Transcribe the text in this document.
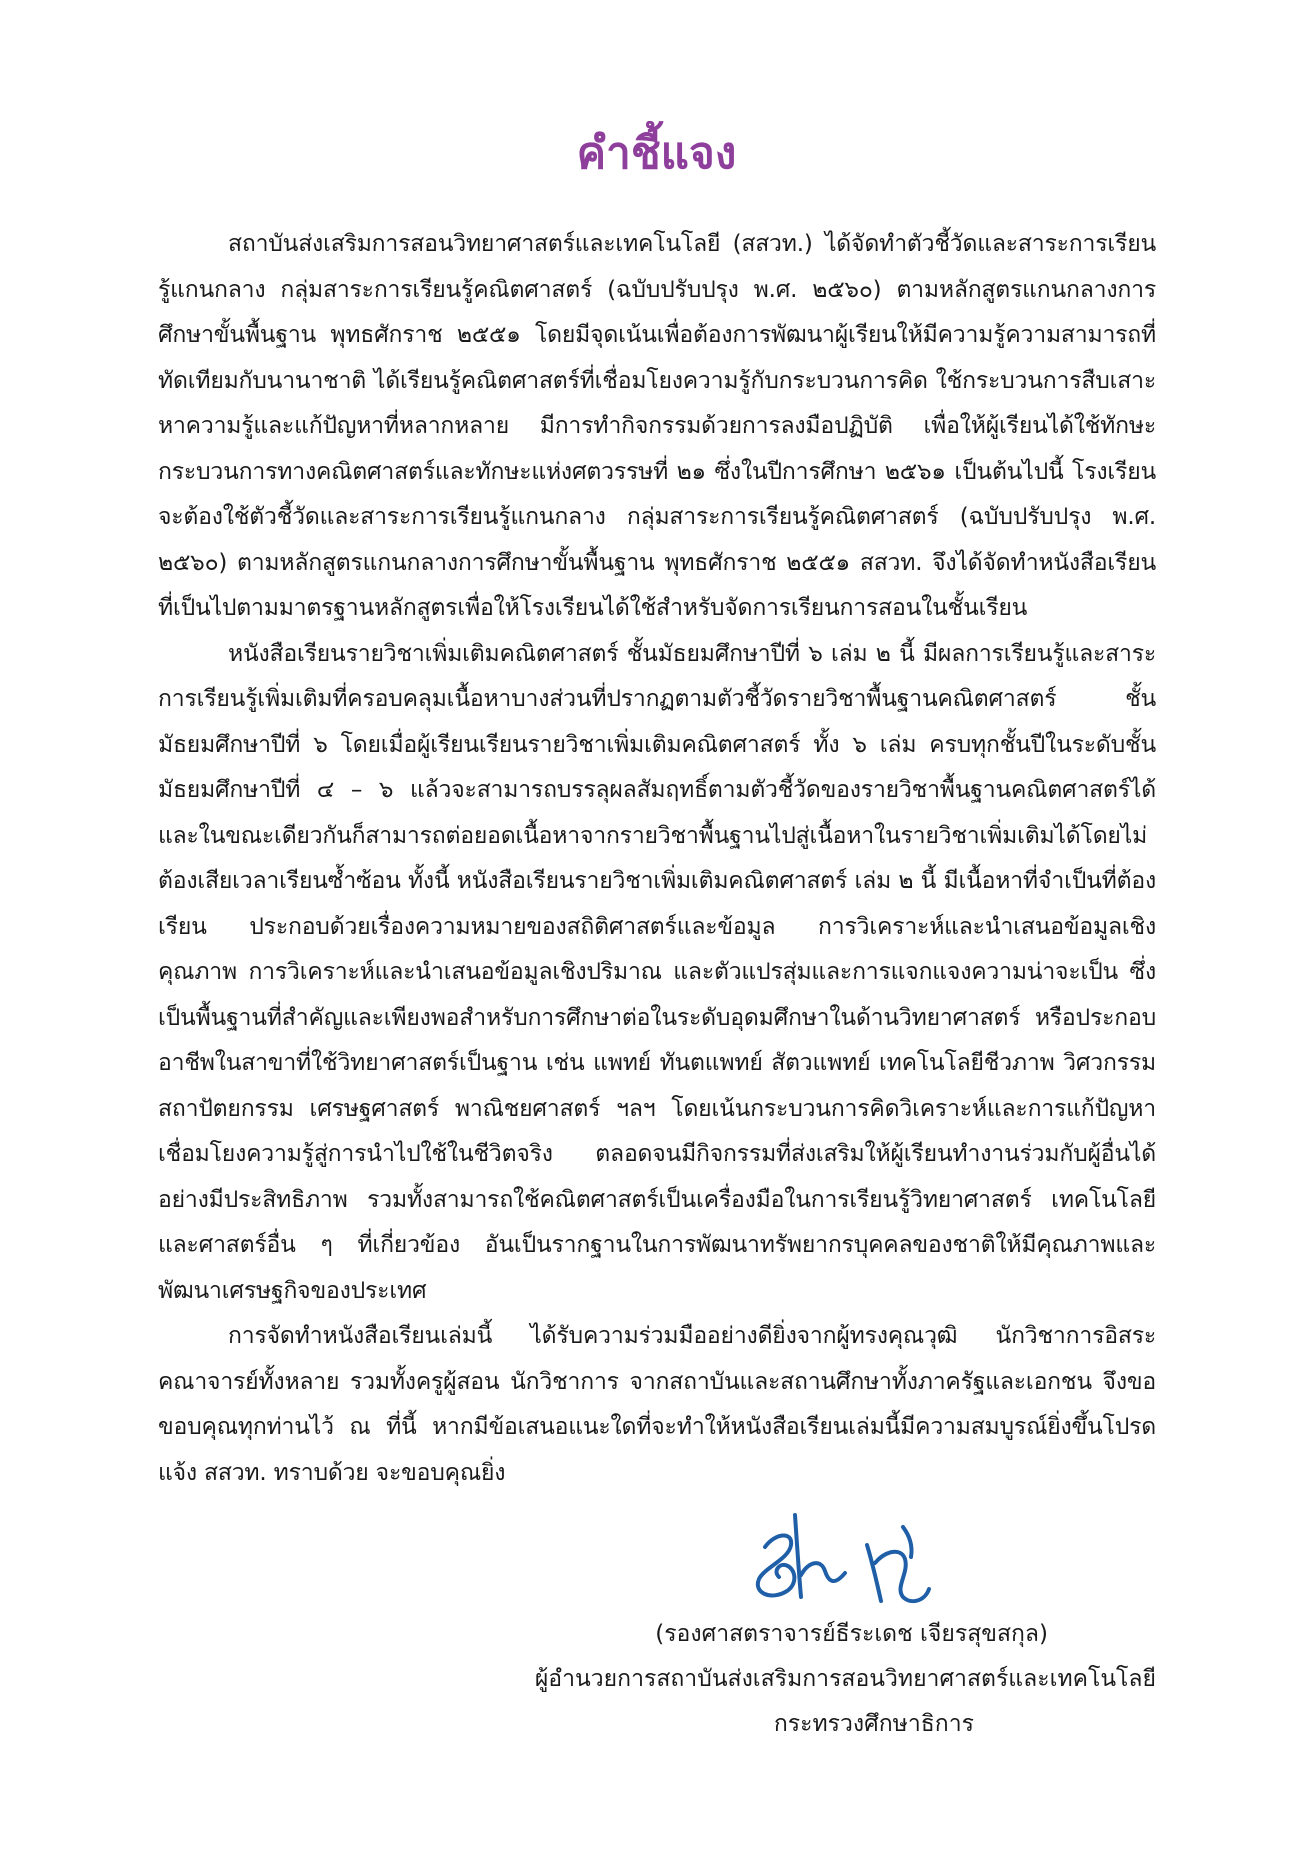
คำชี้แจง

สถาบันส่งเสริมการสอนวิทยาศาสตร์และเทคโนโลยี (สสวท.) ได้จัดทำตัวชี้วัดและสาระการเรียนรู้แกนกลาง กลุ่มสาระการเรียนรู้คณิตศาสตร์ (ฉบับปรับปรุง พ.ศ. ๒๕๖๐) ตามหลักสูตรแกนกลางการศึกษาขั้นพื้นฐาน พุทธศักราช ๒๕๕๑ โดยมีจุดเน้นเพื่อต้องการพัฒนาผู้เรียนให้มีความรู้ความสามารถที่ทัดเทียมกับนานาชาติ ได้เรียนรู้คณิตศาสตร์ที่เชื่อมโยงความรู้กับกระบวนการคิด ใช้กระบวนการสืบเสาะหาความรู้และแก้ปัญหาที่หลากหลาย มีการทำกิจกรรมด้วยการลงมือปฏิบัติ เพื่อให้ผู้เรียนได้ใช้ทักษะกระบวนการทางคณิตศาสตร์และทักษะแห่งศตวรรษที่ ๒๑ ซึ่งในปีการศึกษา ๒๕๖๑ เป็นต้นไปนี้ โรงเรียนจะต้องใช้ตัวชี้วัดและสาระการเรียนรู้แกนกลาง กลุ่มสาระการเรียนรู้คณิตศาสตร์ (ฉบับปรับปรุง พ.ศ. ๒๕๖๐) ตามหลักสูตรแกนกลางการศึกษาขั้นพื้นฐาน พุทธศักราช ๒๕๕๑ สสวท. จึงได้จัดทำหนังสือเรียนที่เป็นไปตามมาตรฐานหลักสูตรเพื่อให้โรงเรียนได้ใช้สำหรับจัดการเรียนการสอนในชั้นเรียน

หนังสือเรียนรายวิชาเพิ่มเติมคณิตศาสตร์ ชั้นมัธยมศึกษาปีที่ ๖ เล่ม ๒ นี้ มีผลการเรียนรู้และสาระการเรียนรู้เพิ่มเติมที่ครอบคลุมเนื้อหาบางส่วนที่ปรากฏตามตัวชี้วัดรายวิชาพื้นฐานคณิตศาสตร์ ชั้นมัธยมศึกษาปีที่ ๖ โดยเมื่อผู้เรียนเรียนรายวิชาเพิ่มเติมคณิตศาสตร์ ทั้ง ๖ เล่ม ครบทุกชั้นปีในระดับชั้นมัธยมศึกษาปีที่ ๔ – ๖ แล้วจะสามารถบรรลุผลสัมฤทธิ์ตามตัวชี้วัดของรายวิชาพื้นฐานคณิตศาสตร์ได้ และในขณะเดียวกันก็สามารถต่อยอดเนื้อหาจากรายวิชาพื้นฐานไปสู่เนื้อหาในรายวิชาเพิ่มเติมได้โดยไม่ต้องเสียเวลาเรียนซ้ำซ้อน ทั้งนี้ หนังสือเรียนรายวิชาเพิ่มเติมคณิตศาสตร์ เล่ม ๒ นี้ มีเนื้อหาที่จำเป็นที่ต้องเรียน ประกอบด้วยเรื่องความหมายของสถิติศาสตร์และข้อมูล การวิเคราะห์และนำเสนอข้อมูลเชิงคุณภาพ การวิเคราะห์และนำเสนอข้อมูลเชิงปริมาณ และตัวแปรสุ่มและการแจกแจงความน่าจะเป็น ซึ่งเป็นพื้นฐานที่สำคัญและเพียงพอสำหรับการศึกษาต่อในระดับอุดมศึกษาในด้านวิทยาศาสตร์ หรือประกอบอาชีพในสาขาที่ใช้วิทยาศาสตร์เป็นฐาน เช่น แพทย์ ทันตแพทย์ สัตวแพทย์ เทคโนโลยีชีวภาพ วิศวกรรม สถาปัตยกรรม เศรษฐศาสตร์ พาณิชยศาสตร์ ฯลฯ โดยเน้นกระบวนการคิดวิเคราะห์และการแก้ปัญหา เชื่อมโยงความรู้สู่การนำไปใช้ในชีวิตจริง ตลอดจนมีกิจกรรมที่ส่งเสริมให้ผู้เรียนทำงานร่วมกับผู้อื่นได้อย่างมีประสิทธิภาพ รวมทั้งสามารถใช้คณิตศาสตร์เป็นเครื่องมือในการเรียนรู้วิทยาศาสตร์ เทคโนโลยี และศาสตร์อื่น ๆ ที่เกี่ยวข้อง อันเป็นรากฐานในการพัฒนาทรัพยากรบุคคลของชาติให้มีคุณภาพและพัฒนาเศรษฐกิจของประเทศ

การจัดทำหนังสือเรียนเล่มนี้ ได้รับความร่วมมืออย่างดียิ่งจากผู้ทรงคุณวุฒิ นักวิชาการอิสระ คณาจารย์ทั้งหลาย รวมทั้งครูผู้สอน นักวิชาการ จากสถาบันและสถานศึกษาทั้งภาครัฐและเอกชน จึงขอขอบคุณทุกท่านไว้ ณ ที่นี้ หากมีข้อเสนอแนะใดที่จะทำให้หนังสือเรียนเล่มนี้มีความสมบูรณ์ยิ่งขึ้นโปรดแจ้ง สสวท. ทราบด้วย จะขอบคุณยิ่ง

(รองศาสตราจารย์ธีระเดช เจียรสุขสกุล)
ผู้อำนวยการสถาบันส่งเสริมการสอนวิทยาศาสตร์และเทคโนโลยี
กระทรวงศึกษาธิการ
